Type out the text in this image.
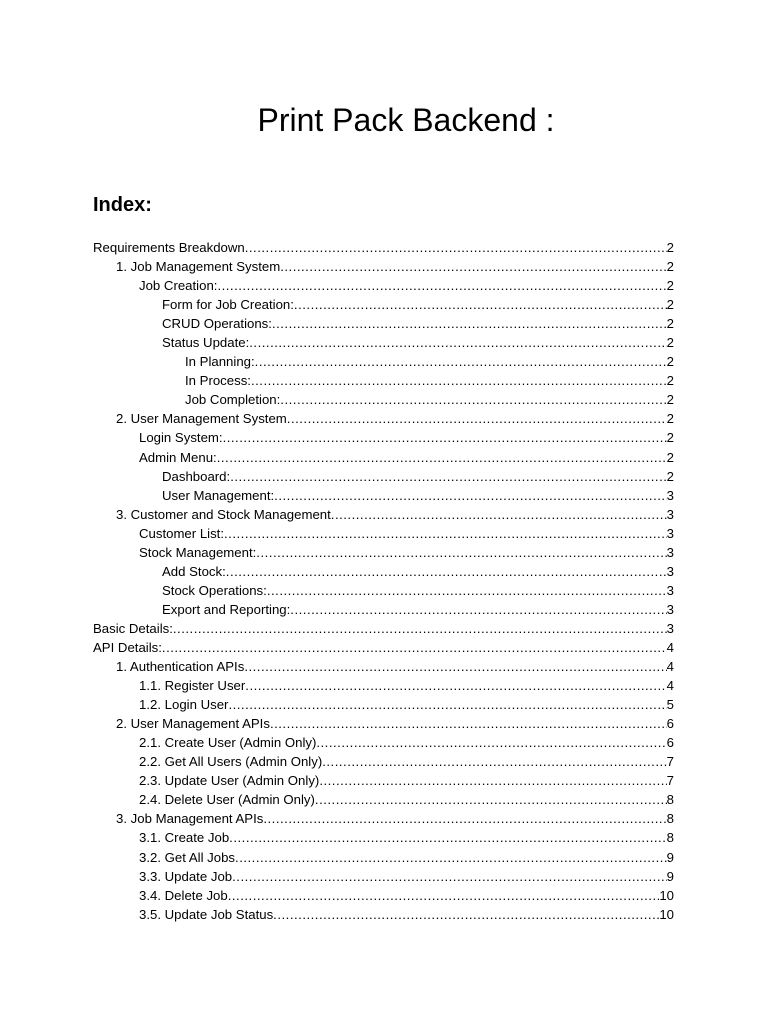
Print Pack Backend :
Index:
Requirements Breakdown .....	2
1. Job Management System .....	2
Job Creation: .....	2
Form for Job Creation: .....	2
CRUD Operations: .....	2
Status Update: .....	2
In Planning: .....	2
In Process: .....	2
Job Completion: .....	2
2. User Management System .....	2
Login System: .....	2
Admin Menu: .....	2
Dashboard: .....	2
User Management: .....	3
3. Customer and Stock Management .....	3
Customer List: .....	3
Stock Management: .....	3
Add Stock: .....	3
Stock Operations: .....	3
Export and Reporting: .....	3
Basic Details: .....	3
API Details: .....	4
1. Authentication APIs .....	4
1.1. Register User .....	4
1.2. Login User .....	5
2. User Management APIs .....	6
2.1. Create User (Admin Only) .....	6
2.2. Get All Users (Admin Only) .....	7
2.3. Update User (Admin Only) .....	7
2.4. Delete User (Admin Only) .....	8
3. Job Management APIs .....	8
3.1. Create Job .....	8
3.2. Get All Jobs .....	9
3.3. Update Job .....	9
3.4. Delete Job .....	10
3.5. Update Job Status .....	10
